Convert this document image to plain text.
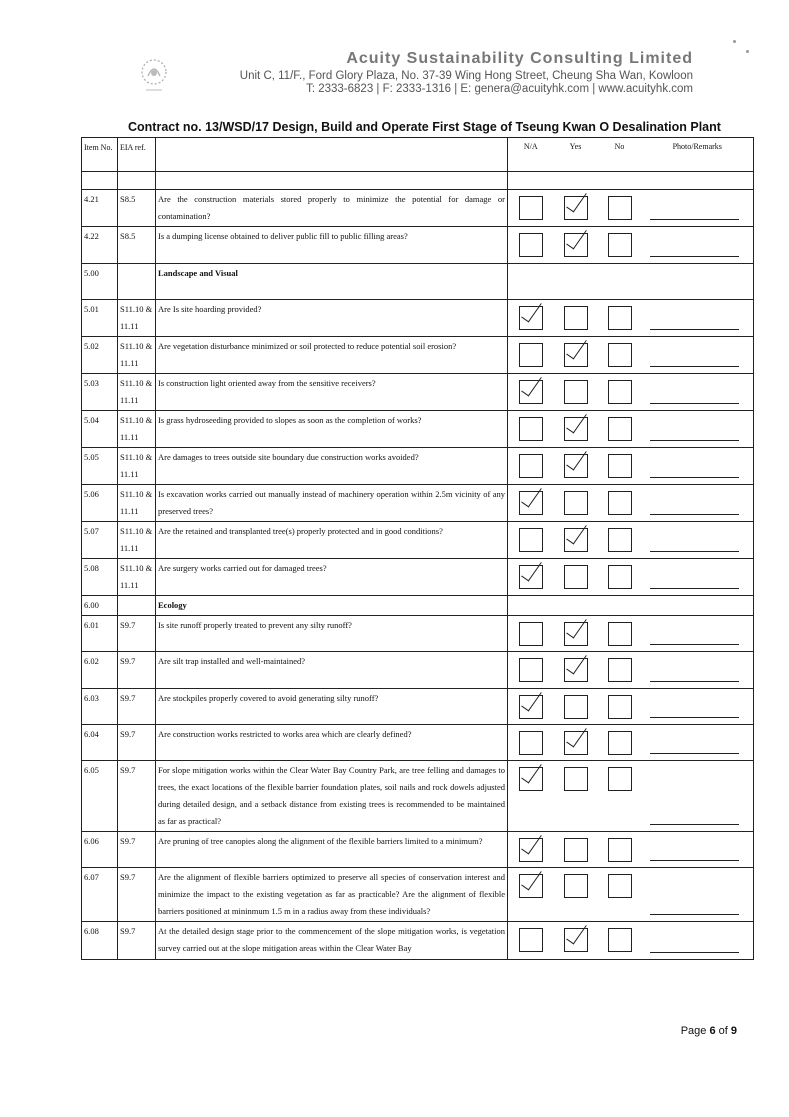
Acuity Sustainability Consulting Limited
Unit C, 11/F., Ford Glory Plaza, No. 37-39 Wing Hong Street, Cheung Sha Wan, Kowloon
T: 2333-6823 | F: 2333-1316 | E: genera@acuityhk.com | www.acuityhk.com
Contract no. 13/WSD/17 Design, Build and Operate First Stage of Tseung Kwan O Desalination Plant
Item No.	EIA ref.		N/A	Yes	No	Photo/Remarks

4.21	S8.5	Are the construction materials stored properly to minimize the potential for damage or contamination?	

4.22	S8.5	Is a dumping license obtained to deliver public fill to public filling areas?	

5.00		Landscape and Visual				
5.01	S11.10 & 11.11	Are Is site hoarding provided?	

5.02	S11.10 & 11.11	Are vegetation disturbance minimized or soil protected to reduce potential soil erosion?	

5.03	S11.10 & 11.11	Is construction light oriented away from the sensitive receivers?	

5.04	S11.10 & 11.11	Is grass hydroseeding provided to slopes as soon as the completion of works?	

5.05	S11.10 & 11.11	Are damages to trees outside site boundary due construction works avoided?	

5.06	S11.10 & 11.11	Is excavation works carried out manually instead of machinery operation within 2.5m vicinity of any preserved trees?	

5.07	S11.10 & 11.11	Are the retained and transplanted tree(s) properly protected and in good conditions?	

5.08	S11.10 & 11.11	Are surgery works carried out for damaged trees?	

6.00		Ecology				
6.01	S9.7	Is site runoff properly treated to prevent any silty runoff?	

6.02	S9.7	Are silt trap installed and well-maintained?	

6.03	S9.7	Are stockpiles properly covered to avoid generating silty runoff?	

6.04	S9.7	Are construction works restricted to works area which are clearly defined?	

6.05	S9.7	For slope mitigation works within the Clear Water Bay Country Park, are tree felling and damages to trees, the exact locations of the flexible barrier foundation plates, soil nails and rock dowels adjusted during detailed design, and a setback distance from existing trees is recommended to be maintained as far as practical?	

6.06	S9.7	Are pruning of tree canopies along the alignment of the flexible barriers limited to a minimum?	

6.07	S9.7	Are the alignment of flexible barriers optimized to preserve all species of conservation interest and minimize the impact to the existing vegetation as far as practicable? Are the alignment of flexible barriers positioned at mininmum 1.5 m in a radius away from these individuals?	

6.08	S9.7	At the detailed design stage prior to the commencement of the slope mitigation works, is vegetation survey carried out at the slope mitigation areas within the Clear Water Bay	

Page 6 of 9
